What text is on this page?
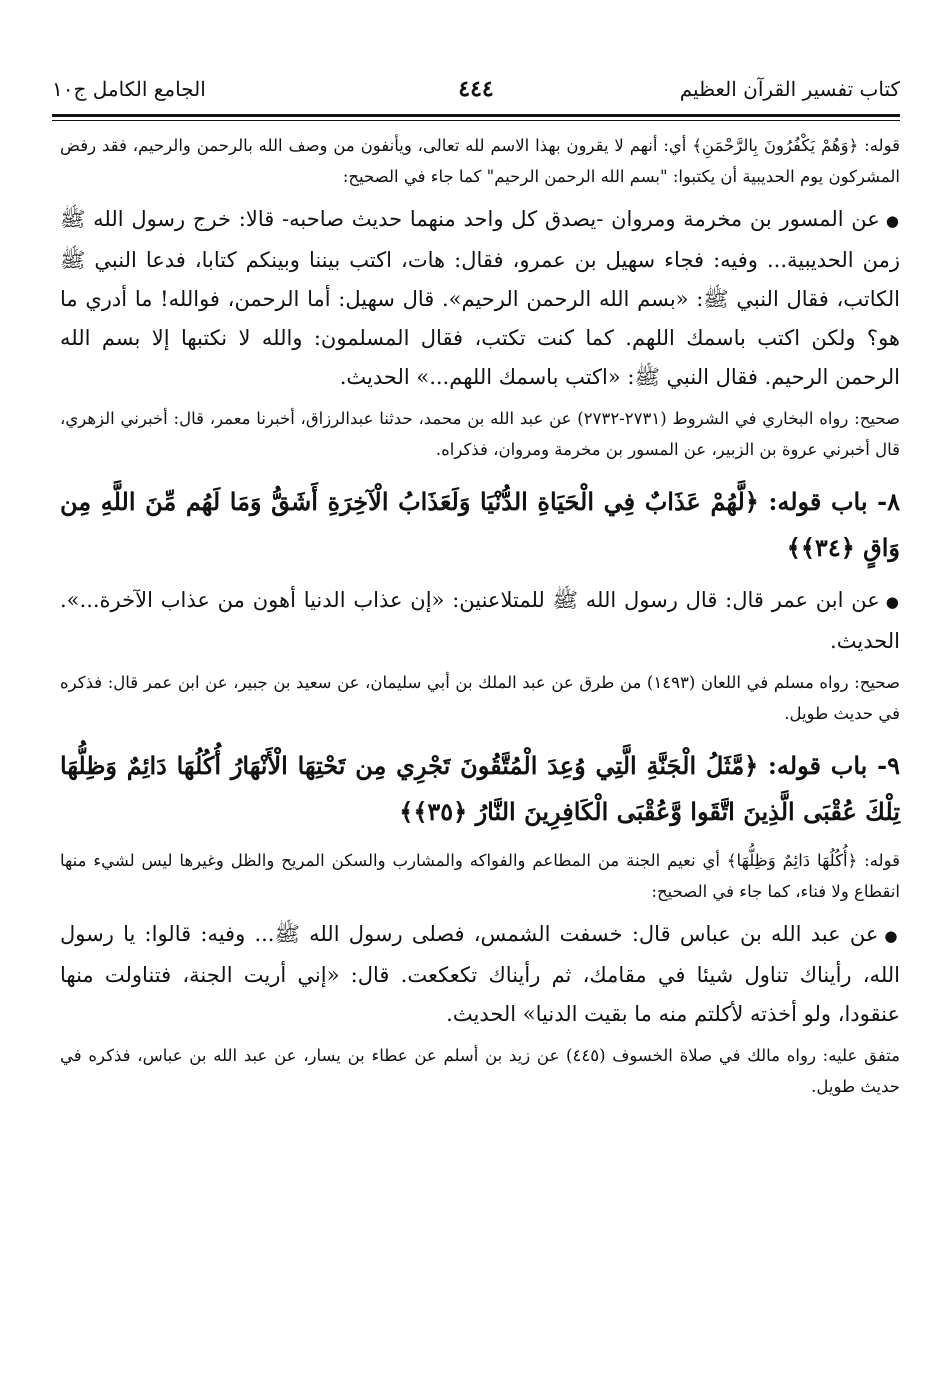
كتاب تفسير القرآن العظيم
٤٤٤
الجامع الكامل ج١٠

قوله: ﴿وَهُمْ يَكْفُرُونَ بِالرَّحْمَنِ﴾ أي: أنهم لا يقرون بهذا الاسم لله تعالى، ويأنفون من وصف الله بالرحمن والرحيم، فقد رفض المشركون يوم الحديبية أن يكتبوا: "بسم الله الرحمن الرحيم" كما جاء في الصحيح:

●عن المسور بن مخرمة ومروان -يصدق كل واحد منهما حديث صاحبه- قالا: خرج رسول الله ﷺ زمن الحديبية... وفيه: فجاء سهيل بن عمرو، فقال: هات، اكتب بيننا وبينكم كتابا، فدعا النبي ﷺ الكاتب، فقال النبي ﷺ: «بسم الله الرحمن الرحيم». قال سهيل: أما الرحمن، فوالله! ما أدري ما هو؟ ولكن اكتب باسمك اللهم. كما كنت تكتب، فقال المسلمون: والله لا نكتبها إلا بسم الله الرحمن الرحيم. فقال النبي ﷺ: «اكتب باسمك اللهم...» الحديث.

صحيح: رواه البخاري في الشروط (٢٧٣١-٢٧٣٢) عن عبد الله بن محمد، حدثنا عبدالرزاق، أخبرنا معمر، قال: أخبرني الزهري، قال أخبرني عروة بن الزبير، عن المسور بن مخرمة ومروان، فذكراه.

٨- باب قوله: ﴿لَّهُمْ عَذَابٌ فِي الْحَيَاةِ الدُّنْيَا وَلَعَذَابُ الْآخِرَةِ أَشَقُّ وَمَا لَهُم مِّنَ اللَّهِ مِن وَاقٍ ﴿٣٤﴾﴾

●عن ابن عمر قال: قال رسول الله ﷺ للمتلاعنين: «إن عذاب الدنيا أهون من عذاب الآخرة...». الحديث.

صحيح: رواه مسلم في اللعان (١٤٩٣) من طرق عن عبد الملك بن أبي سليمان، عن سعيد بن جبير، عن ابن عمر قال: فذكره في حديث طويل.

٩- باب قوله: ﴿مَّثَلُ الْجَنَّةِ الَّتِي وُعِدَ الْمُتَّقُونَ تَجْرِي مِن تَحْتِهَا الْأَنْهَارُ أُكُلُهَا دَائِمٌ وَظِلُّهَا تِلْكَ عُقْبَى الَّذِينَ اتَّقَوا وَّعُقْبَى الْكَافِرِينَ النَّارُ ﴿٣٥﴾﴾

قوله: ﴿أُكُلُهَا دَائِمٌ وَظِلُّهَا﴾ أي نعيم الجنة من المطاعم والفواكه والمشارب والسكن المريح والظل وغيرها ليس لشيء منها انقطاع ولا فناء، كما جاء في الصحيح:

●عن عبد الله بن عباس قال: خسفت الشمس، فصلى رسول الله ﷺ... وفيه: قالوا: يا رسول الله، رأيناك تناول شيئا في مقامك، ثم رأيناك تكعكعت. قال: «إني أريت الجنة، فتناولت منها عنقودا، ولو أخذته لأكلتم منه ما بقيت الدنيا» الحديث.

متفق عليه: رواه مالك في صلاة الخسوف (٤٤٥) عن زيد بن أسلم عن عطاء بن يسار، عن عبد الله بن عباس، فذكره في حديث طويل.
